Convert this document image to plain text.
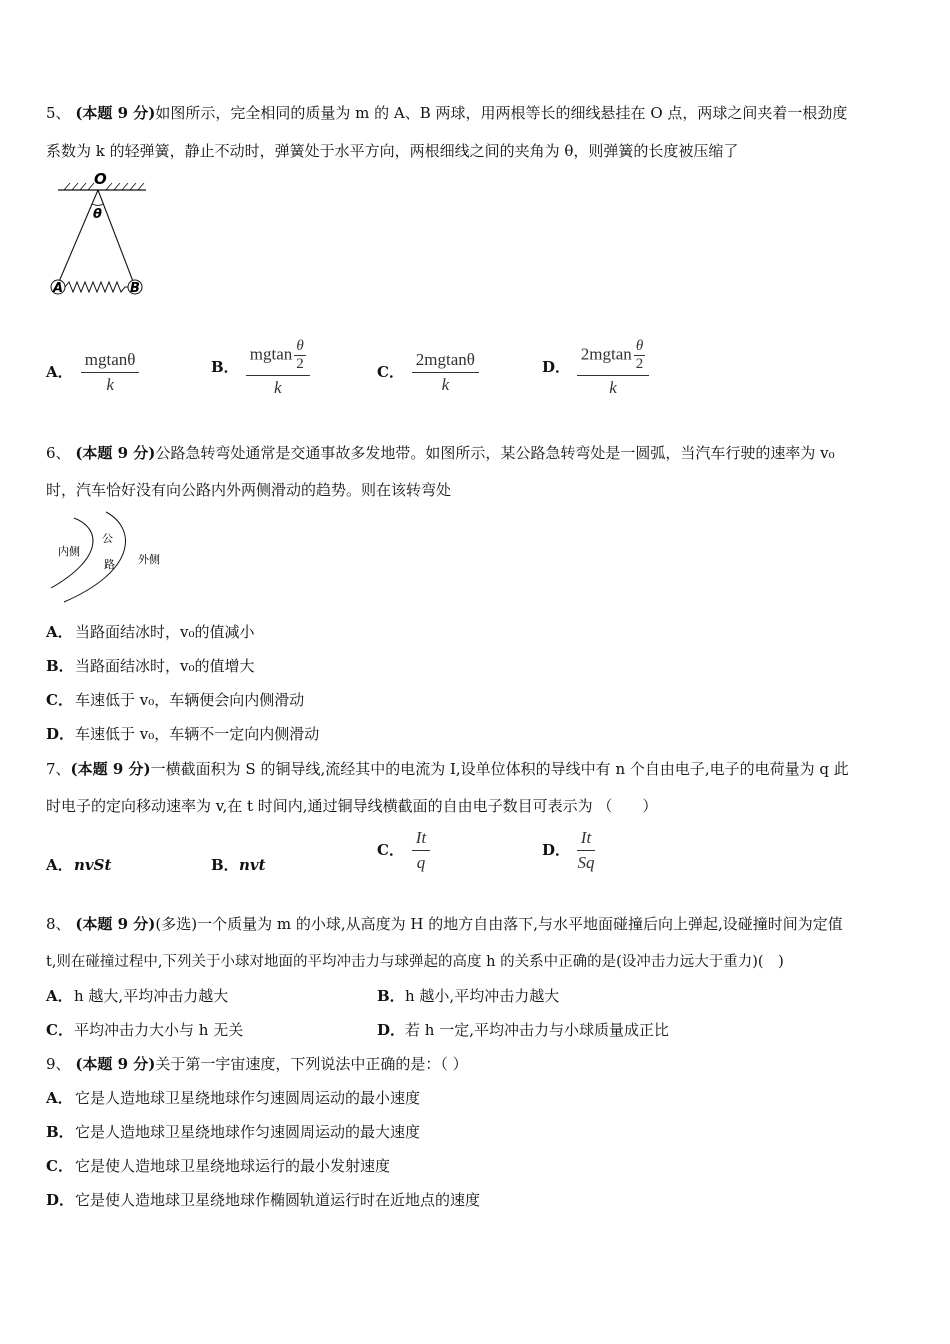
5、 (本题 9 分)如图所示，完全相同的质量为 m 的 A、B 两球，用两根等长的细线悬挂在 O 点，两球之间夹着一根劲度
系数为 k 的轻弹簧，静止不动时，弹簧处于水平方向，两根细线之间的夹角为 θ，则弹簧的长度被压缩了
O
θ
A	B
A． $\frac{mgtan\theta}{k}$	B． $\frac{mgtan \frac{\theta}{2}}{k}$	C． $\frac{2mgtan\theta}{k}$	D． $\frac{2mgtan \frac{\theta}{2}}{k}$
6、 (本题 9 分)公路急转弯处通常是交通事故多发地带。如图所示，某公路急转弯处是一圆弧，当汽车行驶的速率为 v₀
时，汽车恰好没有向公路内外两侧滑动的趋势。则在该转弯处
内侧
公
路 外侧
A． 当路面结冰时，v₀的值减小
B．当路面结冰时，v₀的值增大
C． 车速低于 v₀，车辆便会向内侧滑动
D．车速低于 v₀，车辆不一定向内侧滑动
7、(本题 9 分)一横截面积为 S 的铜导线,流经其中的电流为 I,设单位体积的导线中有 n 个自由电子,电子的电荷量为 q 此
时电子的定向移动速率为 v,在 t 时间内,通过铜导线横截面的自由电子数目可表示为 （　　）
A．nvSt	B．nvt
C． $\frac{It}{q}$	D． $\frac{It}{Sq}$
8、 (本题 9 分)(多选)一个质量为 m 的小球,从高度为 H 的地方自由落下,与水平地面碰撞后向上弹起,设碰撞时间为定值
t,则在碰撞过程中,下列关于小球对地面的平均冲击力与球弹起的高度 h 的关系中正确的是(设冲击力远大于重力)(　)
A．h 越大,平均冲击力越大	B．h 越小,平均冲击力越大
C．平均冲击力大小与 h 无关	D．若 h 一定,平均冲击力与小球质量成正比
9、 (本题 9 分)关于第一宇宙速度，下列说法中正确的是：（ ）
A． 它是人造地球卫星绕地球作匀速圆周运动的最小速度
B．它是人造地球卫星绕地球作匀速圆周运动的最大速度
C． 它是使人造地球卫星绕地球运行的最小发射速度
D．它是使人造地球卫星绕地球作椭圆轨道运行时在近地点的速度
